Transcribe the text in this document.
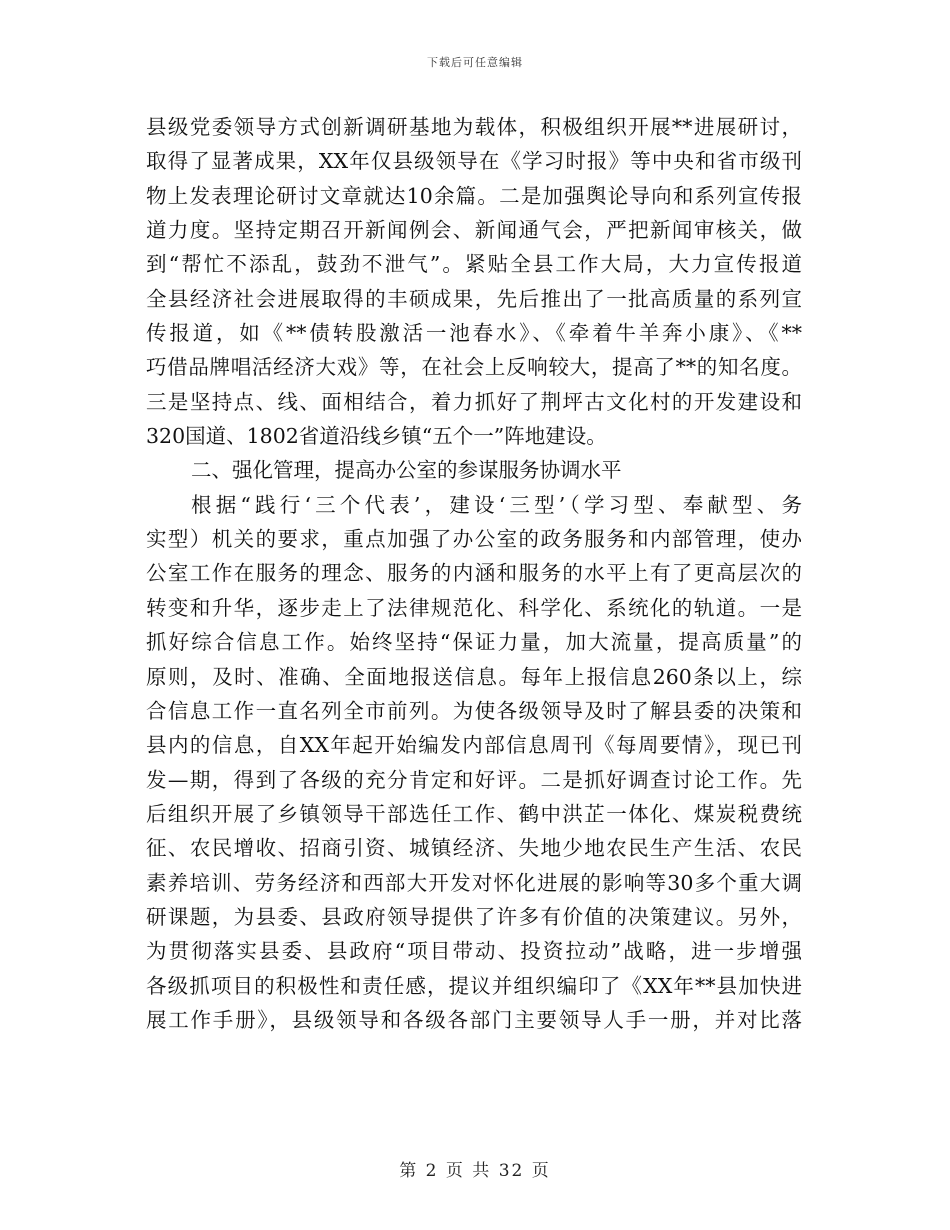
下载后可任意编辑
县级党委领导方式创新调研基地为载体，积极组织开展**进展研讨，
取得了显著成果，XX年仅县级领导在《学习时报》等中央和省市级刊
物上发表理论研讨文章就达10余篇。二是加强舆论导向和系列宣传报
道力度。坚持定期召开新闻例会、新闻通气会，严把新闻审核关，做
到“帮忙不添乱，鼓劲不泄气”。紧贴全县工作大局，大力宣传报道
全县经济社会进展取得的丰硕成果，先后推出了一批高质量的系列宣
传报道，如《**债转股激活一池春水》、《牵着牛羊奔小康》、《**
巧借品牌唱活经济大戏》等，在社会上反响较大，提高了**的知名度。
三是坚持点、线、面相结合，着力抓好了荆坪古文化村的开发建设和
320国道、1802省道沿线乡镇“五个一”阵地建设。
二、强化管理，提高办公室的参谋服务协调水平
根据“践行‘三个代表’，建设‘三型’（学习型、奉献型、务
实型）机关的要求，重点加强了办公室的政务服务和内部管理，使办
公室工作在服务的理念、服务的内涵和服务的水平上有了更高层次的
转变和升华，逐步走上了法律规范化、科学化、系统化的轨道。一是
抓好综合信息工作。始终坚持“保证力量，加大流量，提高质量”的
原则，及时、准确、全面地报送信息。每年上报信息260条以上，综
合信息工作一直名列全市前列。为使各级领导及时了解县委的决策和
县内的信息，自XX年起开始编发内部信息周刊《每周要情》，现已刊
发—期，得到了各级的充分肯定和好评。二是抓好调查讨论工作。先
后组织开展了乡镇领导干部选任工作、鹤中洪芷一体化、煤炭税费统
征、农民增收、招商引资、城镇经济、失地少地农民生产生活、农民
素养培训、劳务经济和西部大开发对怀化进展的影响等30多个重大调
研课题，为县委、县政府领导提供了许多有价值的决策建议。另外，
为贯彻落实县委、县政府“项目带动、投资拉动”战略，进一步增强
各级抓项目的积极性和责任感，提议并组织编印了《XX年**县加快进
展工作手册》，县级领导和各级各部门主要领导人手一册，并对比落
第 2 页 共 32 页
